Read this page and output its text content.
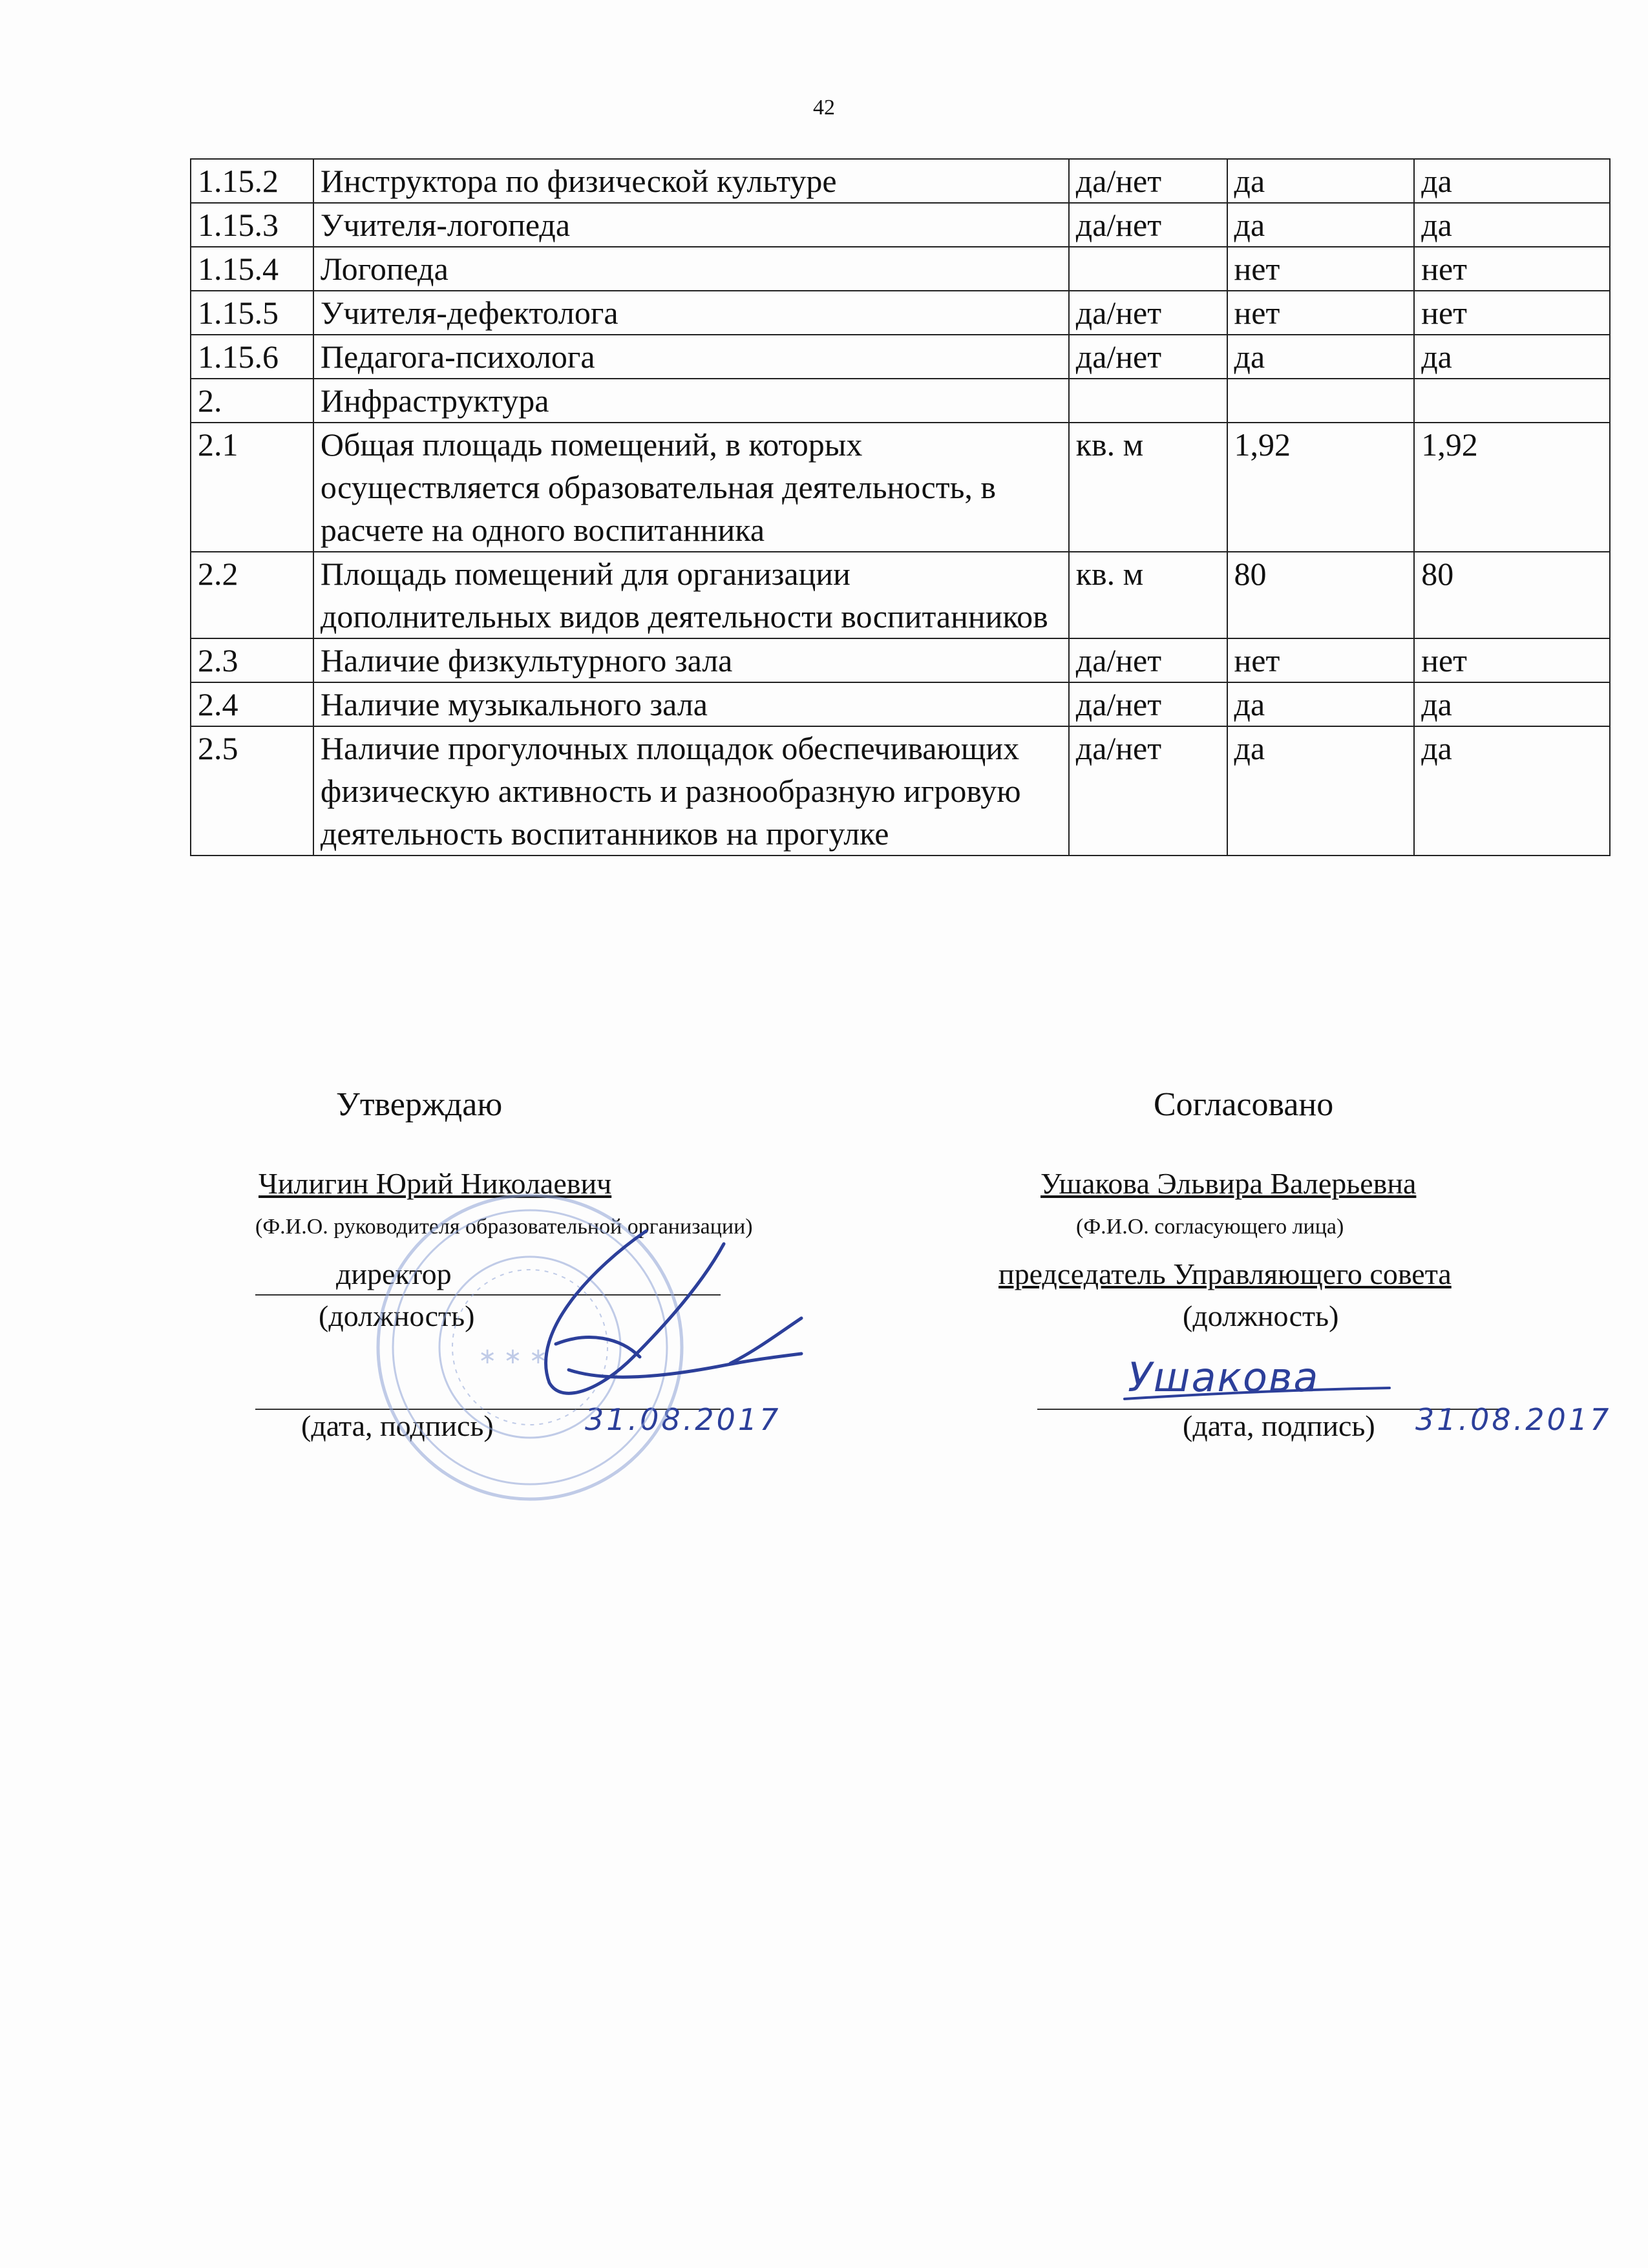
42
1.15.2	Инструктора по физической культуре	да/нет	да	да
1.15.3	Учителя-логопеда	да/нет	да	да
1.15.4	Логопеда		нет	нет
1.15.5	Учителя-дефектолога	да/нет	нет	нет
1.15.6	Педагога-психолога	да/нет	да	да
2.	Инфраструктура			
2.1	Общая площадь помещений, в которых осуществляется образовательная деятельность, в расчете на одного воспитанника	кв. м	1,92	1,92
2.2	Площадь помещений для организации дополнительных видов деятельности воспитанников	кв. м	80	80
2.3	Наличие физкультурного зала	да/нет	нет	нет
2.4	Наличие музыкального зала	да/нет	да	да
2.5	Наличие прогулочных площадок обеспечивающих физическую активность и разнообразную игровую деятельность воспитанников на прогулке	да/нет	да	да
Утверждаю
Чилигин Юрий Николаевич
(Ф.И.О. руководителя образовательной организации)
директор
(должность)
(дата, подпись)	31.08.2017
Согласовано
Ушакова Эльвира Валерьевна
(Ф.И.О. согласующего лица)
председатель Управляющего совета
(должность)
Ушакова
(дата, подпись) 31.08.2017
∗ ∗ ∗
